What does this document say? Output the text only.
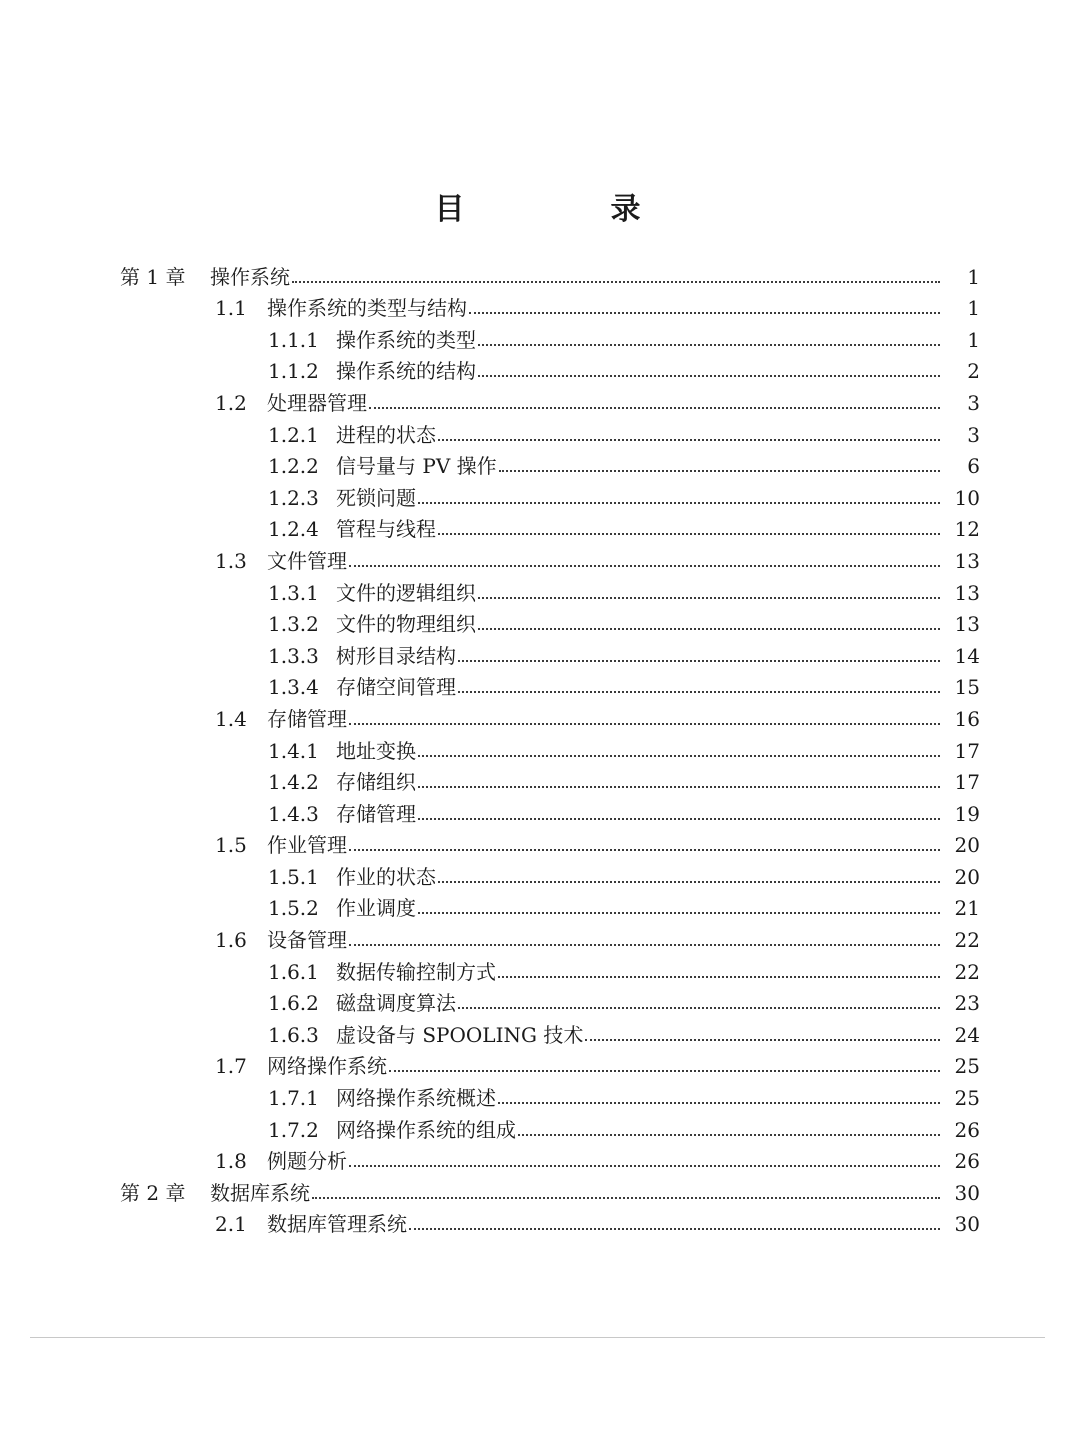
目　录
第 1 章	操作系统	1
1.1	操作系统的类型与结构	1
1.1.1 操作系统的类型	1
1.1.2 操作系统的结构	2
1.2	处理器管理	3
1.2.1 进程的状态	3
1.2.2 信号量与 PV 操作	6
1.2.3 死锁问题	10
1.2.4 管程与线程	12
1.3	文件管理	13
1.3.1 文件的逻辑组织	13
1.3.2 文件的物理组织	13
1.3.3 树形目录结构	14
1.3.4 存储空间管理	15
1.4	存储管理	16
1.4.1 地址变换	17
1.4.2 存储组织	17
1.4.3 存储管理	19
1.5	作业管理	20
1.5.1 作业的状态	20
1.5.2 作业调度	21
1.6	设备管理	22
1.6.1 数据传输控制方式	22
1.6.2 磁盘调度算法	23
1.6.3 虚设备与 SPOOLING 技术	24
1.7	网络操作系统	25
1.7.1 网络操作系统概述	25
1.7.2 网络操作系统的组成	26
1.8	例题分析	26
第 2 章	数据库系统	30
2.1	数据库管理系统	30
